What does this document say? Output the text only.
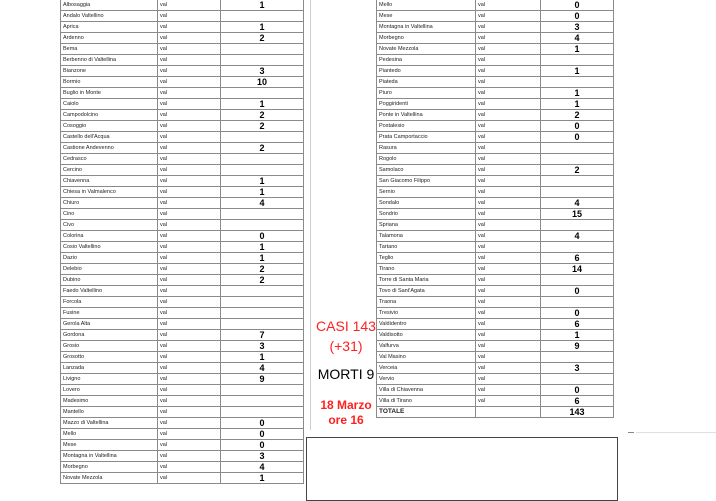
Albosaggia	val	1
Andalo Valtellino	val	
Aprica	val	1
Ardenno	val	2
Bema	val	
Berbenno di Valtellina	val	
Bianzone	val	3
Bormio	val	10
Buglio in Monte	val	
Caiolo	val	1
Campodolcino	val	2
Cosoggio	val	2
Castello dell'Acqua	val	
Castione Andevenno	val	2
Cedrasco	val	
Cercino	val	
Chiavenna	val	1
Chiesa in Valmalenco	val	1
Chiuro	val	4
Cino	val	
Civo	val	
Colorina	val	0
Cosio Valtellino	val	1
Dazio	val	1
Delebio	val	2
Dubino	val	2
Faedo Valtellino	val	
Forcola	val	
Fusine	val	
Gerola Alta	val	
Gordona	val	7
Grosio	val	3
Grosotto	val	1
Lanzada	val	4
Livigno	val	9
Lovero	val	
Madesimo	val	
Mantello	val	
Mazzo di Valtellina	val	0
Mello	val	0
Mese	val	0
Montagna in Valtellina	val	3
Morbegno	val	4
Novate Mezzola	val	1
Mello	val	0
Mese	val	0
Montagna in Valtellina	val	3
Morbegno	val	4
Novate Mezzola	val	1
Pedesina	val	
Piantedo	val	1
Piateda	val	
Piuro	val	1
Poggiridenti	val	1
Ponte in Valtellina	val	2
Postalesio	val	0
Prata Camportaccio	val	0
Rasura	val	
Rogolo	val	
Samolaco	val	2
San Giacomo Filippo	val	
Sernio	val	
Sondalo	val	4
Sondrio	val	15
Spriana	val	
Talamona	val	4
Tartano	val	
Teglio	val	6
Tirano	val	14
Torre di Santa Maria	val	
Tovo di Sant'Agata	val	0
Traona	val	
Tresivio	val	0
Valdidentro	val	6
Valdisotto	val	1
Valfurva	val	9
Val Masino	val	
Verceia	val	3
Vervio	val	
Villa di Chiavenna	val	0
Villa di Tirano	val	6
TOTALE		143
CASI 143
(+31)
MORTI 9
18 Marzo
ore 16
